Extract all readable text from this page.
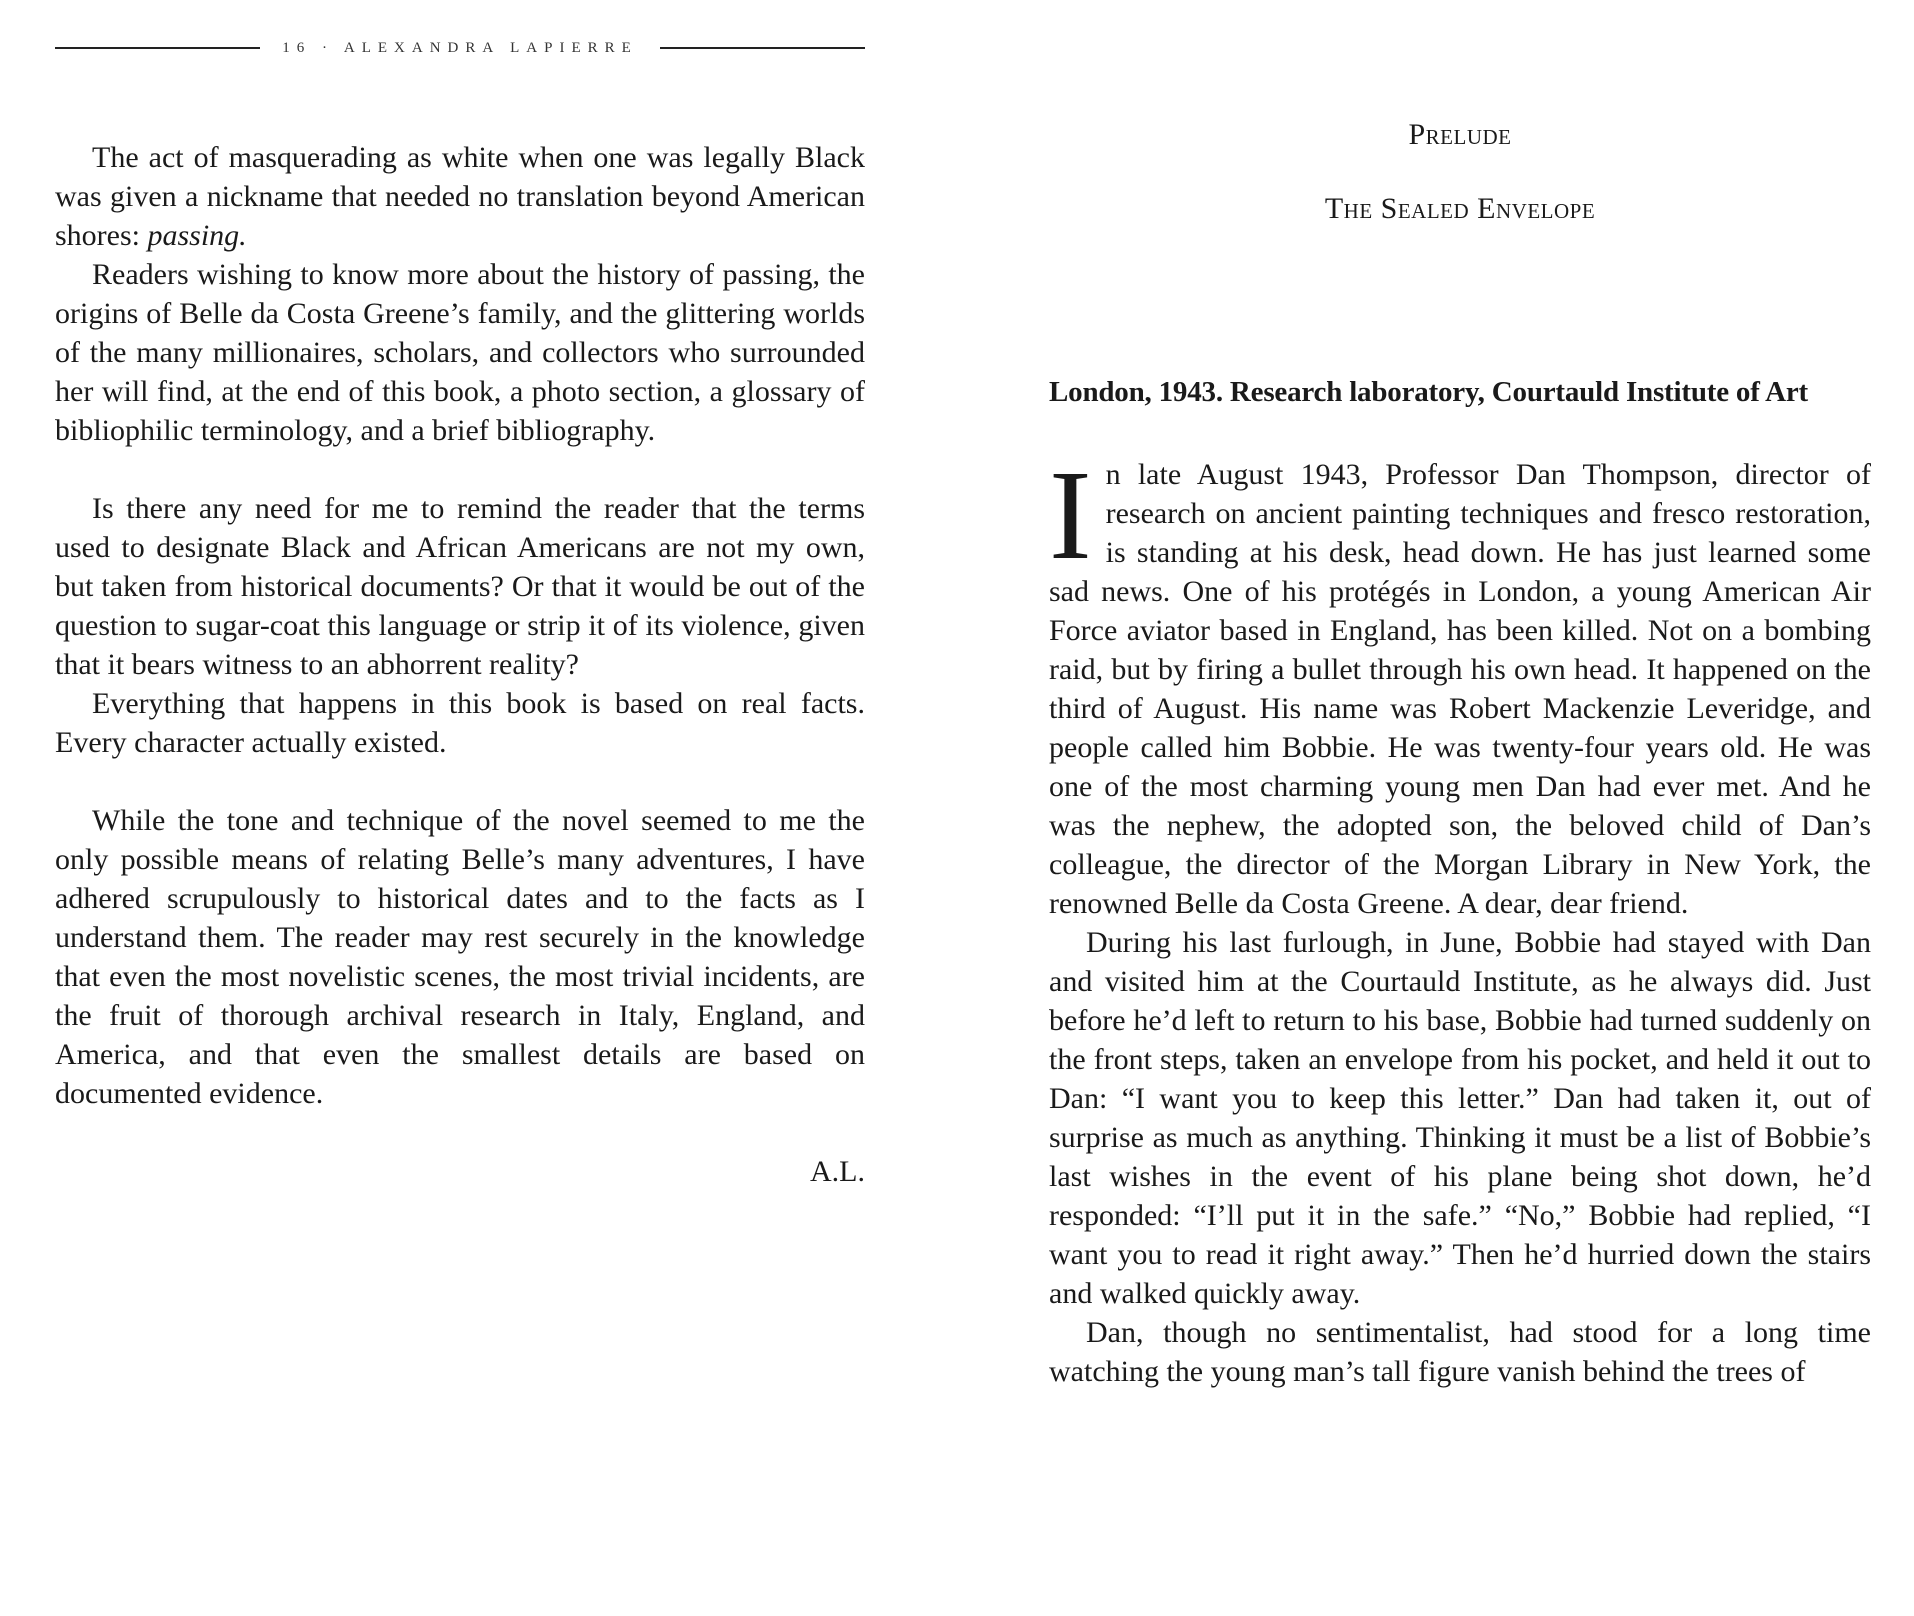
16 · ALEXANDRA LAPIERRE

The act of masquerading as white when one was legally Black was given a nickname that needed no translation beyond American shores: passing.

Readers wishing to know more about the history of passing, the origins of Belle da Costa Greene’s family, and the glittering worlds of the many millionaires, scholars, and collectors who surrounded her will find, at the end of this book, a photo section, a glossary of bibliophilic terminology, and a brief bibliography.

Is there any need for me to remind the reader that the terms used to designate Black and African Americans are not my own, but taken from historical documents? Or that it would be out of the question to sugar-coat this language or strip it of its violence, given that it bears witness to an abhorrent reality?

Everything that happens in this book is based on real facts. Every character actually existed.

While the tone and technique of the novel seemed to me the only possible means of relating Belle’s many adventures, I have adhered scrupulously to historical dates and to the facts as I understand them. The reader may rest securely in the knowledge that even the most novelistic scenes, the most trivial incidents, are the fruit of thorough archival research in Italy, England, and America, and that even the smallest details are based on documented evidence.

A.L.
Prelude
The Sealed Envelope
London, 1943. Research laboratory, Courtauld Institute of Art

In late August 1943, Professor Dan Thompson, director of research on ancient painting techniques and fresco restoration, is standing at his desk, head down. He has just learned some sad news. One of his protégés in London, a young American Air Force aviator based in England, has been killed. Not on a bombing raid, but by firing a bullet through his own head. It happened on the third of August. His name was Robert Mackenzie Leveridge, and people called him Bobbie. He was twenty-four years old. He was one of the most charming young men Dan had ever met. And he was the nephew, the adopted son, the beloved child of Dan’s colleague, the director of the Morgan Library in New York, the renowned Belle da Costa Greene. A dear, dear friend.

During his last furlough, in June, Bobbie had stayed with Dan and visited him at the Courtauld Institute, as he always did. Just before he’d left to return to his base, Bobbie had turned suddenly on the front steps, taken an envelope from his pocket, and held it out to Dan: “I want you to keep this letter.” Dan had taken it, out of surprise as much as anything. Thinking it must be a list of Bobbie’s last wishes in the event of his plane being shot down, he’d responded: “I’ll put it in the safe.” “No,” Bobbie had replied, “I want you to read it right away.” Then he’d hurried down the stairs and walked quickly away.

Dan, though no sentimentalist, had stood for a long time watching the young man’s tall figure vanish behind the trees of
